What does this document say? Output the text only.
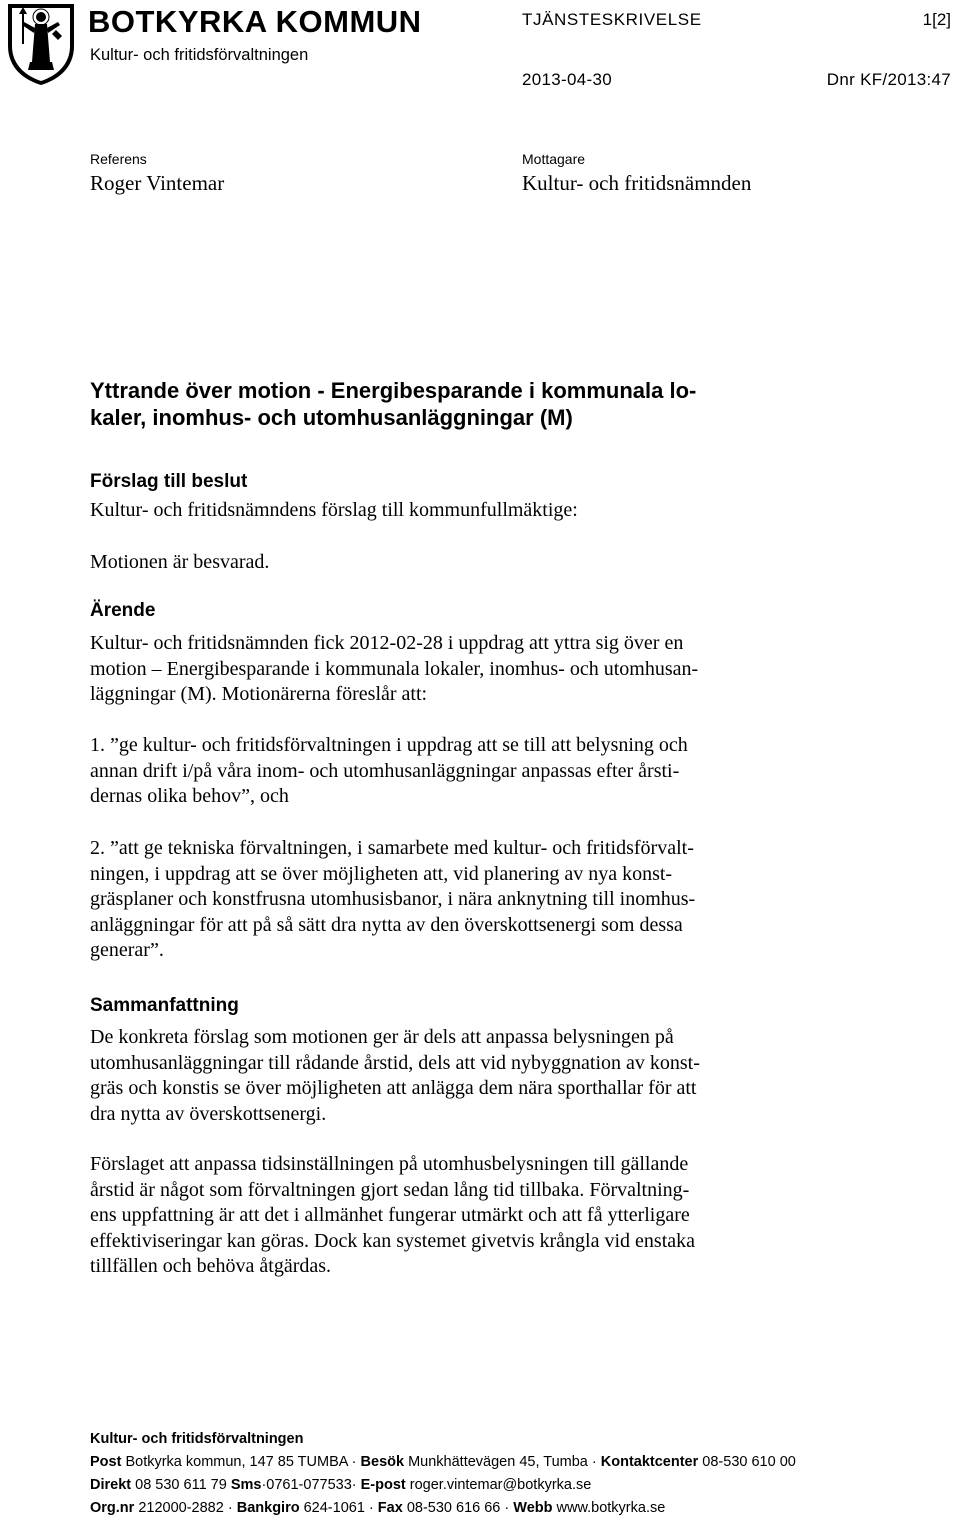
BOTKYRKA KOMMUN
Kultur- och fritidsförvaltningen
TJÄNSTESKRIVELSE	1[2]
2013-04-30	Dnr KF/2013:47
Referens
Roger Vintemar
Mottagare
Kultur- och fritidsnämnden
Yttrande över motion - Energibesparande i kommunala lo-
kaler, inomhus- och utomhusanläggningar (M)
Förslag till beslut
Kultur- och fritidsnämndens förslag till kommunfullmäktige:
Motionen är besvarad.
Ärende
Kultur- och fritidsnämnden fick 2012-02-28 i uppdrag att yttra sig över en
motion – Energibesparande i kommunala lokaler, inomhus- och utomhusan-
läggningar (M). Motionärerna föreslår att:
1. ”ge kultur- och fritidsförvaltningen i uppdrag att se till att belysning och
annan drift i/på våra inom- och utomhusanläggningar anpassas efter årsti-
dernas olika behov”, och
2. ”att ge tekniska förvaltningen, i samarbete med kultur- och fritidsförvalt-
ningen, i uppdrag att se över möjligheten att, vid planering av nya konst-
gräsplaner och konstfrusna utomhusisbanor, i nära anknytning till inomhus-
anläggningar för att på så sätt dra nytta av den överskottsenergi som dessa
generar”.
Sammanfattning
De konkreta förslag som motionen ger är dels att anpassa belysningen på
utomhusanläggningar till rådande årstid, dels att vid nybyggnation av konst-
gräs och konstis se över möjligheten att anlägga dem nära sporthallar för att
dra nytta av överskottsenergi.
Förslaget att anpassa tidsinställningen på utomhusbelysningen till gällande
årstid är något som förvaltningen gjort sedan lång tid tillbaka. Förvaltning-
ens uppfattning är att det i allmänhet fungerar utmärkt och att få ytterligare
effektiviseringar kan göras. Dock kan systemet givetvis krångla vid enstaka
tillfällen och behöva åtgärdas.
Kultur- och fritidsförvaltningen
Post Botkyrka kommun, 147 85 TUMBA · Besök Munkhättevägen 45, Tumba · Kontaktcenter 08-530 610 00
Direkt 08 530 611 79 Sms·0761-077533· E-post roger.vintemar@botkyrka.se
Org.nr 212000-2882 · Bankgiro 624-1061 · Fax 08-530 616 66 · Webb www.botkyrka.se
